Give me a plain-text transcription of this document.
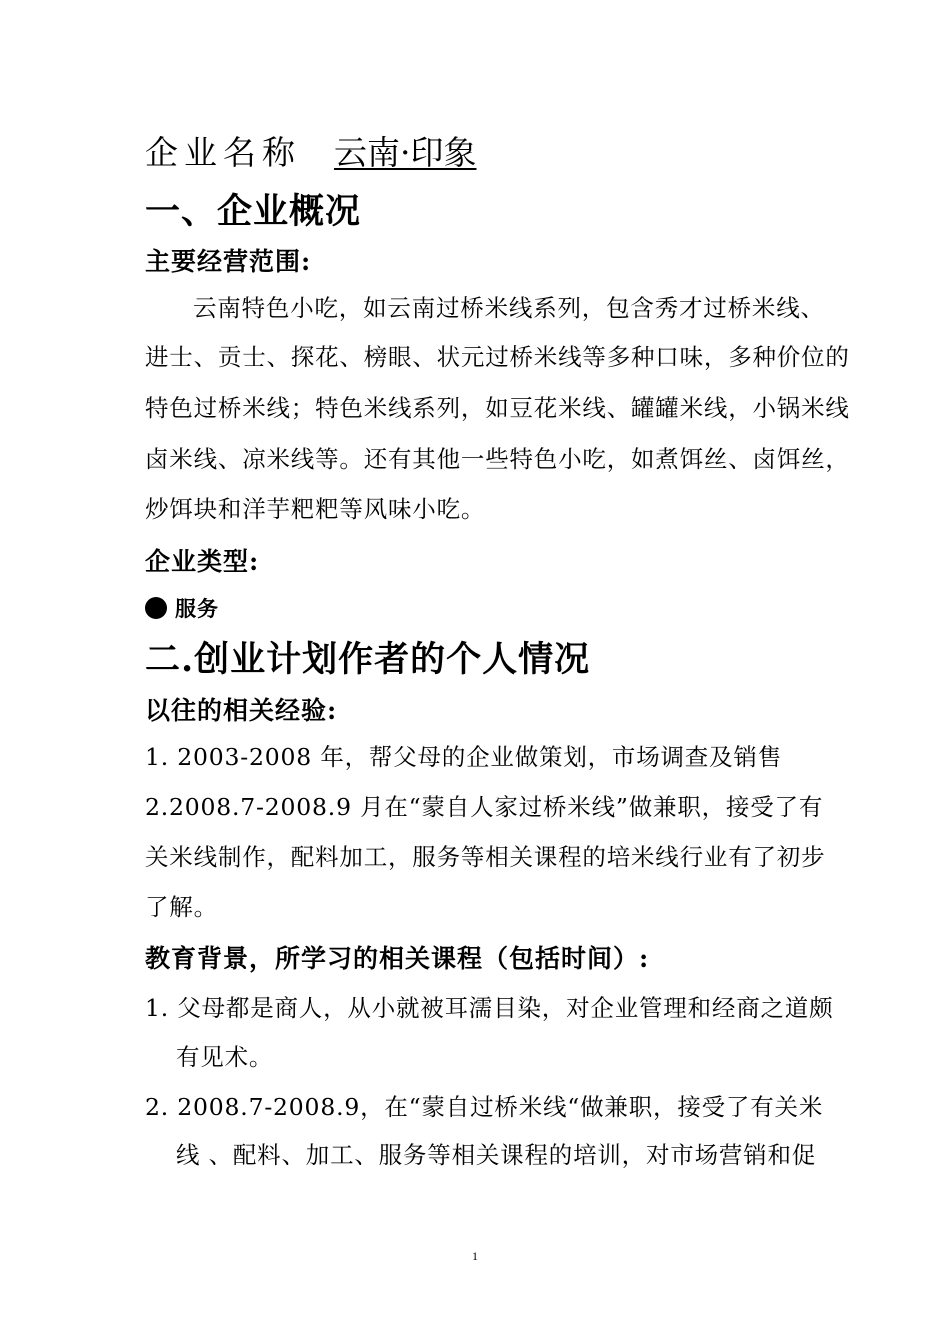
企业名称 云南·印象
一、企业概况
主要经营范围:
云南特色小吃，如云南过桥米线系列，包含秀才过桥米线、
进士、贡士、探花、榜眼、状元过桥米线等多种口味，多种价位的
特色过桥米线；特色米线系列，如豆花米线、罐罐米线，小锅米线
卤米线、凉米线等。还有其他一些特色小吃，如煮饵丝、卤饵丝，
炒饵块和洋芋粑粑等风味小吃。
企业类型:
服务
二.创业计划作者的个人情况
以往的相关经验:
1. 2003-2008 年，帮父母的企业做策划，市场调查及销售
2.2008.7-2008.9 月在“蒙自人家过桥米线”做兼职，接受了有
关米线制作，配料加工，服务等相关课程的培米线行业有了初步
了解。
教育背景，所学习的相关课程（包括时间）:
1. 父母都是商人，从小就被耳濡目染，对企业管理和经商之道颇
有见术。
2. 2008.7-2008.9，在“蒙自过桥米线“做兼职，接受了有关米
线 、配料、加工、服务等相关课程的培训，对市场营销和促
1
